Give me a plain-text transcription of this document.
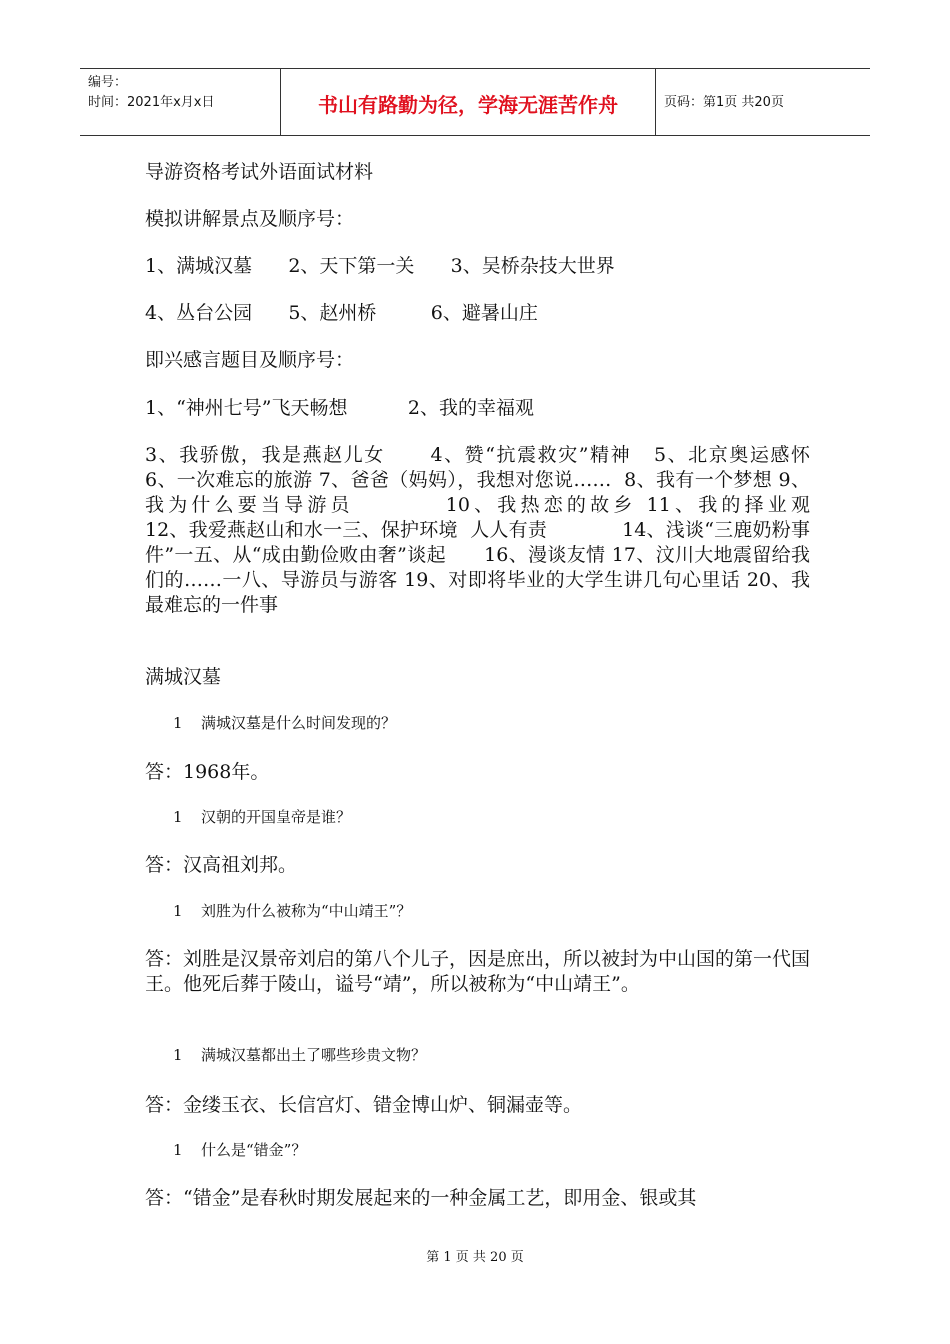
编号：
时间：2021年x月x日	书山有路勤为径，学海无涯苦作舟	页码：第1页 共20页
导游资格考试外语面试材料
模拟讲解景点及顺序号：
1、满城汉墓      2、天下第一关      3、吴桥杂技大世界
4、丛台公园      5、赵州桥         6、避暑山庄
即兴感言题目及顺序号：
1、“神州七号”飞天畅想          2、我的幸福观
3、我骄傲，我是燕赵儿女      4、赞“抗震救灾”精神   5、北京奥运感怀                    6、一次难忘的旅游 7、爸爸（妈妈），我想对您说……  8、我有一个梦想 9、我为什么要当导游员         10、我热恋的故乡 11、我的择业观                    12、我爱燕赵山和水一三、保护环境  人人有责            14、浅谈“三鹿奶粉事件”一五、从“成由勤俭败由奢”谈起      16、漫谈友情 17、汶川大地震留给我们的……一八、导游员与游客 19、对即将毕业的大学生讲几句心里话 20、我最难忘的一件事
满城汉墓
1 满城汉墓是什么时间发现的？
答：1968年。
1 汉朝的开国皇帝是谁？
答：汉高祖刘邦。
1 刘胜为什么被称为“中山靖王”？
答：刘胜是汉景帝刘启的第八个儿子，因是庶出，所以被封为中山国的第一代国王。他死后葬于陵山，谥号“靖”，所以被称为“中山靖王”。
1 满城汉墓都出土了哪些珍贵文物？
答：金缕玉衣、长信宫灯、错金博山炉、铜漏壶等。
1 什么是“错金”？
答：“错金”是春秋时期发展起来的一种金属工艺，即用金、银或其
第 1 页 共 20 页
